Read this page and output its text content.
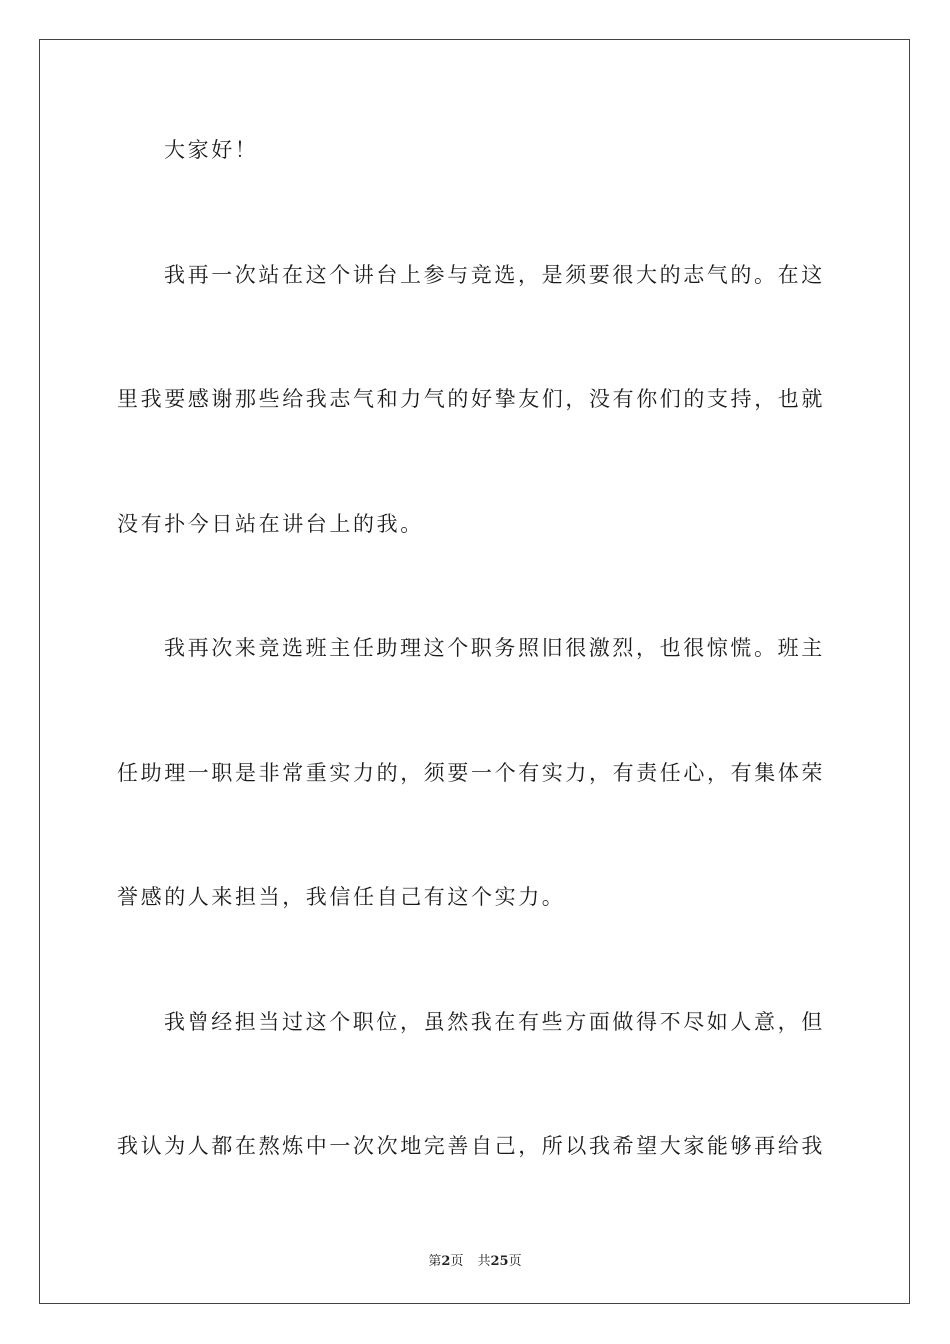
大家好！
我再一次站在这个讲台上参与竞选，是须要很大的志气的。在这
里我要感谢那些给我志气和力气的好挚友们，没有你们的支持，也就
没有扑今日站在讲台上的我。
我再次来竞选班主任助理这个职务照旧很激烈，也很惊慌。班主
任助理一职是非常重实力的，须要一个有实力，有责任心，有集体荣
誉感的人来担当，我信任自己有这个实力。
我曾经担当过这个职位，虽然我在有些方面做得不尽如人意，但
我认为人都在熬炼中一次次地完善自己，所以我希望大家能够再给我
第2页 共25页
